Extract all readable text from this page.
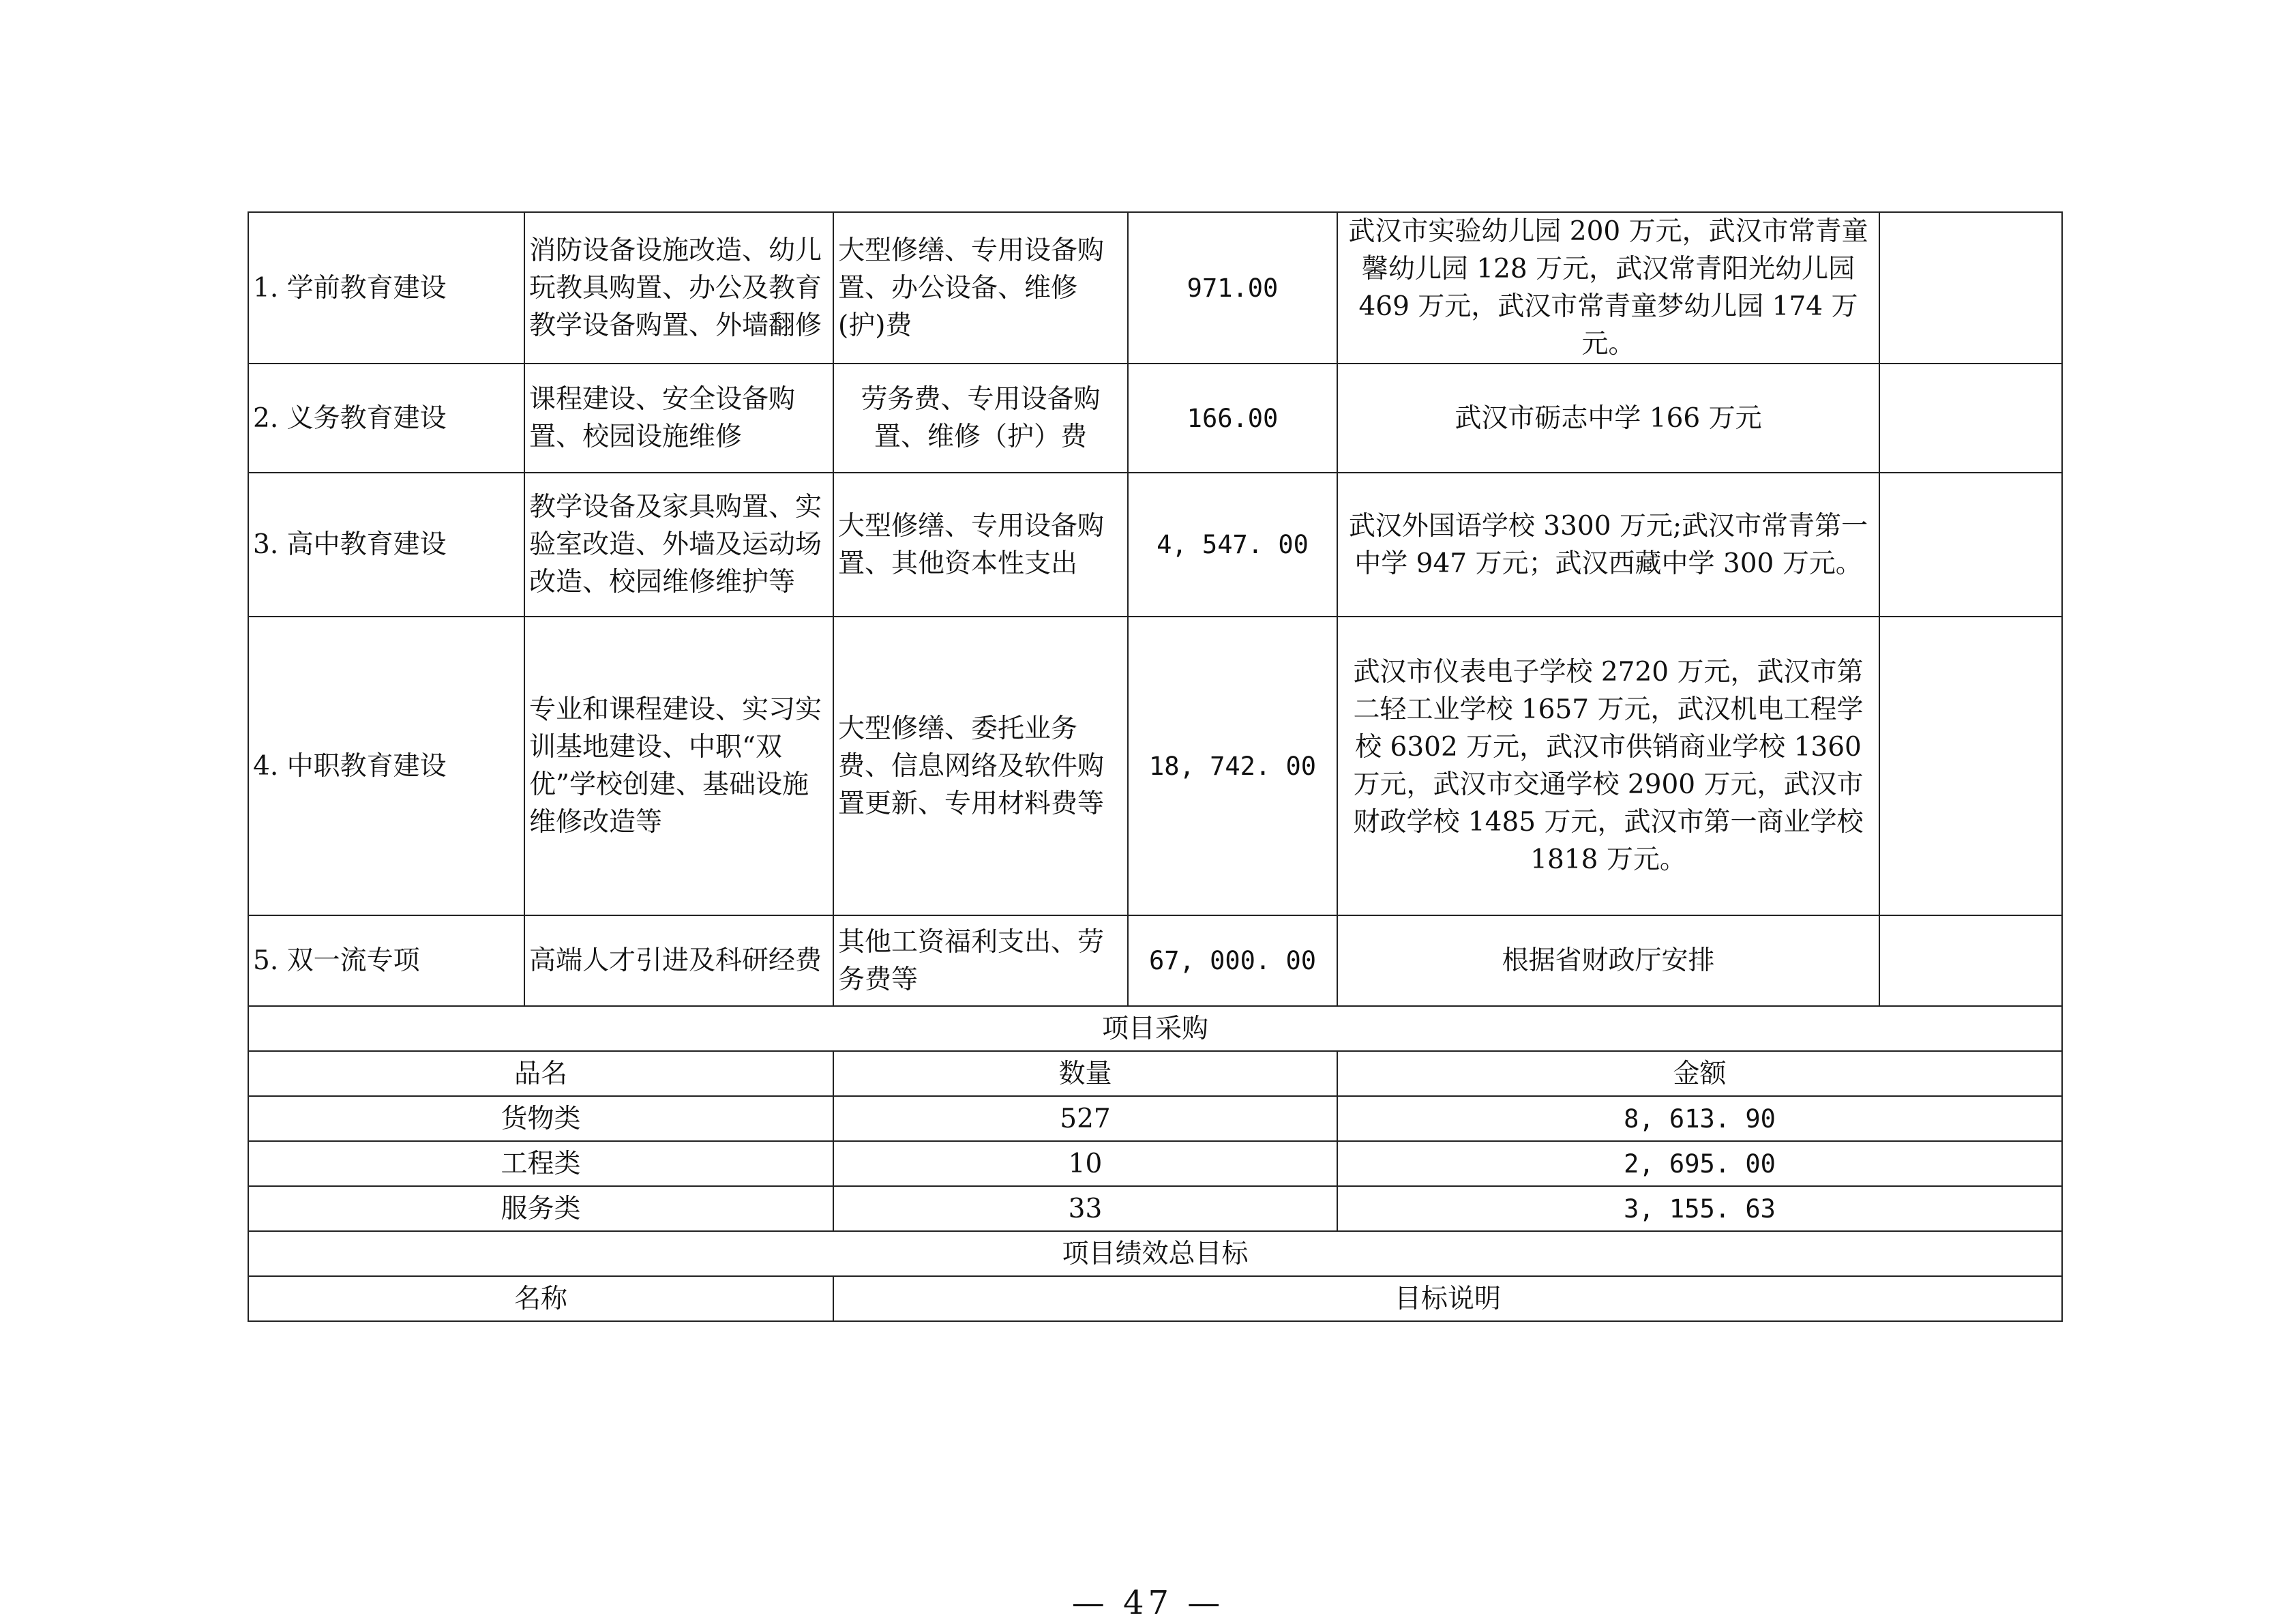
1. 学前教育建设	消防设备设施改造、幼儿玩教具购置、办公及教育教学设备购置、外墙翻修	大型修缮、专用设备购置、办公设备、维修(护)费	971.00	武汉市实验幼儿园 200 万元，武汉市常青童馨幼儿园 128 万元，武汉常青阳光幼儿园 469 万元，武汉市常青童梦幼儿园 174 万元。	
2. 义务教育建设	课程建设、安全设备购置、校园设施维修	劳务费、专用设备购置、维修（护）费	166.00	武汉市砺志中学 166 万元	
3. 高中教育建设	教学设备及家具购置、实验室改造、外墙及运动场改造、校园维修维护等	大型修缮、专用设备购置、其他资本性支出	4, 547. 00	武汉外国语学校 3300 万元;武汉市常青第一中学 947 万元；武汉西藏中学 300 万元。	
4. 中职教育建设	专业和课程建设、实习实训基地建设、中职“双优”学校创建、基础设施维修改造等	大型修缮、委托业务费、信息网络及软件购置更新、专用材料费等	18, 742. 00	武汉市仪表电子学校 2720 万元，武汉市第二轻工业学校 1657 万元，武汉机电工程学校 6302 万元，武汉市供销商业学校 1360 万元，武汉市交通学校 2900 万元，武汉市财政学校 1485 万元，武汉市第一商业学校 1818 万元。	
5. 双一流专项	高端人才引进及科研经费	其他工资福利支出、劳务费等	67, 000. 00	根据省财政厅安排	
项目采购					
品名		数量		金额	
货物类		527		8, 613. 90	
工程类		10		2, 695. 00	
服务类		33		3, 155. 63	
项目绩效总目标					
名称		目标说明			
— 47 —
